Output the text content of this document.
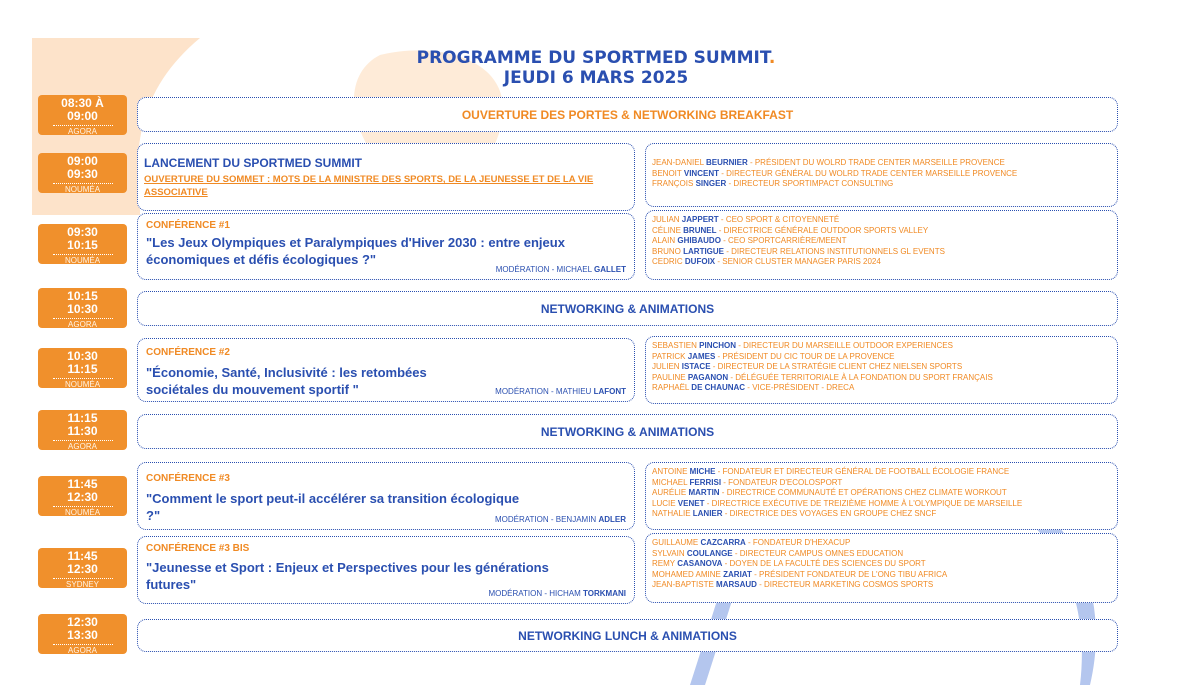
PROGRAMME DU SPORTMED SUMMIT.
JEUDI 6 MARS 2025
08:30 À
09:00
AGORA
09:00
09:30
NOUMÉA
09:30
10:15
NOUMÉA
10:15
10:30
AGORA
10:30
11:15
NOUMÉA
11:15
11:30
AGORA
11:45
12:30
NOUMÉA
11:45
12:30
SYDNEY
12:30
13:30
AGORA
OUVERTURE DES PORTES & NETWORKING BREAKFAST
NETWORKING & ANIMATIONS
NETWORKING & ANIMATIONS
NETWORKING LUNCH & ANIMATIONS
LANCEMENT DU SPORTMED SUMMIT
OUVERTURE DU SOMMET : MOTS DE LA MINISTRE DES SPORTS, DE LA JEUNESSE ET DE LA VIE ASSOCIATIVE
JEAN-DANIEL BEURNIER - PRÉSIDENT DU WOLRD TRADE CENTER MARSEILLE PROVENCE
BENOIT VINCENT - DIRECTEUR GÉNÉRAL DU WOLRD TRADE CENTER MARSEILLE PROVENCE
FRANÇOIS SINGER - DIRECTEUR SPORTIMPACT CONSULTING
CONFÉRENCE #1
"Les Jeux Olympiques et Paralympiques d'Hiver 2030 : entre enjeux économiques et défis écologiques ?"
MODÉRATION - MICHAEL GALLET
JULIAN JAPPERT - CEO SPORT & CITOYENNETÉ
CÉLINE BRUNEL - DIRECTRICE GÉNÉRALE OUTDOOR SPORTS VALLEY
ALAIN GHIBAUDO - CEO SPORTCARRIÈRE/MEENT
BRUNO LARTIGUE - DIRECTEUR RELATIONS INSTITUTIONNELS GL EVENTS
CEDRIC DUFOIX - SENIOR CLUSTER MANAGER PARIS 2024
CONFÉRENCE #2
"Économie, Santé, Inclusivité : les retombées sociétales du mouvement sportif "	MODÉRATION - MATHIEU LAFONT
SEBASTIEN PINCHON - DIRECTEUR DU MARSEILLE OUTDOOR EXPERIENCES
PATRICK JAMES - PRÉSIDENT DU CIC TOUR DE LA PROVENCE
JULIEN ISTACE - DIRECTEUR DE LA STRATÉGIE CLIENT CHEZ NIELSEN SPORTS
PAULINE PAGANON - DÉLÉGUÉE TERRITORIALE À LA FONDATION DU SPORT FRANÇAIS
RAPHAËL DE CHAUNAC - VICE-PRÉSIDENT - DRECA
CONFÉRENCE #3
"Comment le sport peut-il accélérer sa transition écologique ?"	MODÉRATION - BENJAMIN ADLER
ANTOINE MICHE - FONDATEUR ET DIRECTEUR GÉNÉRAL DE FOOTBALL ÉCOLOGIE FRANCE
MICHAEL FERRISI - FONDATEUR D'ECOLOSPORT
AURÉLIE MARTIN - DIRECTRICE COMMUNAUTÉ ET OPÉRATIONS CHEZ CLIMATE WORKOUT
LUCIE VENET - DIRECTRICE EXÉCUTIVE DE TREIZIÈME HOMME À L'OLYMPIQUE DE MARSEILLE
NATHALIE LANIER - DIRECTRICE DES VOYAGES EN GROUPE CHEZ SNCF
CONFÉRENCE #3 BIS
"Jeunesse et Sport : Enjeux et Perspectives pour les générations futures"
MODÉRATION - HICHAM TORKMANI
GUILLAUME CAZCARRA - FONDATEUR D'HEXACUP
SYLVAIN COULANGE - DIRECTEUR CAMPUS OMNES EDUCATION
REMY CASANOVA - DOYEN DE LA FACULTÉ DES SCIENCES DU SPORT
MOHAMED AMINE ZARIAT - PRÉSIDENT FONDATEUR DE L'ONG TIBU AFRICA
JEAN-BAPTISTE MARSAUD - DIRECTEUR MARKETING COSMOS SPORTS
